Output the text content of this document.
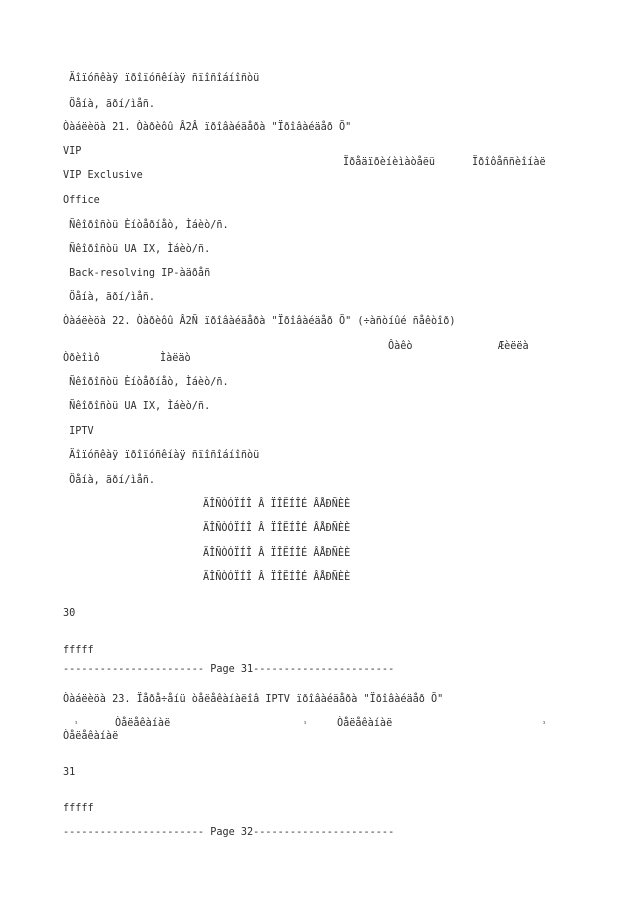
Äîïóñêàÿ ïðîïóñêíàÿ ñïîñîáíîñòü
Öåíà, ãðí/ìåñ.
Òàáëèöà 21. Òàðèôû Â2Â ïðîâàéäåðà "Ïðîâàéäåð Õ"
VIP
Ïðåäïðèíèìàòåëü	Ïðîôåññèîíàë
VIP Exclusive
Office
Ñêîðîñòü Èíòåðíåò, Ìáèò/ñ.
Ñêîðîñòü UA IX, Ìáèò/ñ.
Back-resolving IP-àäðåñ
Öåíà, ãðí/ìåñ.
Òàáëèöà 22. Òàðèôû Â2Ñ ïðîâàéäåðà "Ïðîâàéäåð Õ" (÷àñòíûé ñåêòîð)
Ôàêò	Æèëëà
Òðèîìô	Ìàëäò
Ñêîðîñòü Èíòåðíåò, Ìáèò/ñ.
Ñêîðîñòü UA IX, Ìáèò/ñ.
IPTV
Äîïóñêàÿ ïðîïóñêíàÿ ñïîñîáíîñòü
Öåíà, ãðí/ìåñ.
ÄÎÑÒÓÏÍÎ Â ÏÎËÍÎÉ ÂÅÐÑÈÈ
ÄÎÑÒÓÏÍÎ Â ÏÎËÍÎÉ ÂÅÐÑÈÈ
ÄÎÑÒÓÏÍÎ Â ÏÎËÍÎÉ ÂÅÐÑÈÈ
ÄÎÑÒÓÏÍÎ Â ÏÎËÍÎÉ ÂÅÐÑÈÈ
30
fffff
----------------------- Page 31-----------------------
Òàáëèöà 23. Ïåðå÷åíü òåëåêàíàëîâ IPTV ïðîâàéäåðà "Ïðîâàéäåð Õ"
¹	Òåëåêàíàë	¹	Òåëåêàíàë	¹
Òåëåêàíàë
31
fffff
----------------------- Page 32-----------------------
